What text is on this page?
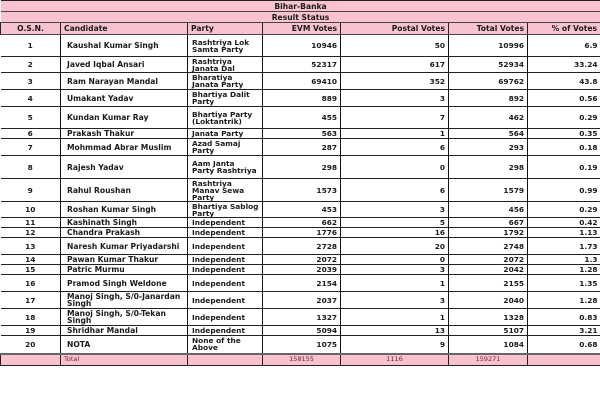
Bihar-Banka						
Result Status						
O.S.N.	Candidate	Party	EVM Votes	Postal Votes	Total Votes	% of Votes
1	Kaushal Kumar Singh	Rashtriya Lok Samta Party	10946	50	10996	6.9
2	Javed Iqbal Ansari	Rashtriya Janata Dal	52317	617	52934	33.24
3	Ram Narayan Mandal	Bharatiya Janata Party	69410	352	69762	43.8
4	Umakant Yadav	Bhartiya Dalit Party	889	3	892	0.56
5	Kundan Kumar Ray	Bhartiya Party (Loktantrik)	455	7	462	0.29
6	Prakash Thakur	Janata Party	563	1	564	0.35
7	Mohmmad Abrar Muslim	Azad Samaj Party	287	6	293	0.18
8	Rajesh Yadav	Aam Janta Party Rashtriya	298	0	298	0.19
9	Rahul Roushan	Rashtriya Manav Sewa Party	1573	6	1579	0.99
10	Roshan Kumar Singh	Bhartiya Sablog Party	453	3	456	0.29
11	Kashinath Singh	Independent	662	5	667	0.42
12	Chandra Prakash	Independent	1776	16	1792	1.13
13	Naresh Kumar Priyadarshi	Independent	2728	20	2748	1.73
14	Pawan Kumar Thakur	Independent	2072	0	2072	1.3
15	Patric Murmu	Independent	2039	3	2042	1.28
16	Pramod Singh Weldone	Independent	2154	1	2155	1.35
17	Manoj Singh, S/0-Janardan Singh	Independent	2037	3	2040	1.28
18	Manoj Singh, S/0-Tekan Singh	Independent	1327	1	1328	0.83
19	Shridhar Mandal	Independent	5094	13	5107	3.21
20	NOTA	None of the Above	1075	9	1084	0.68
	Total		158155	1116	159271	
